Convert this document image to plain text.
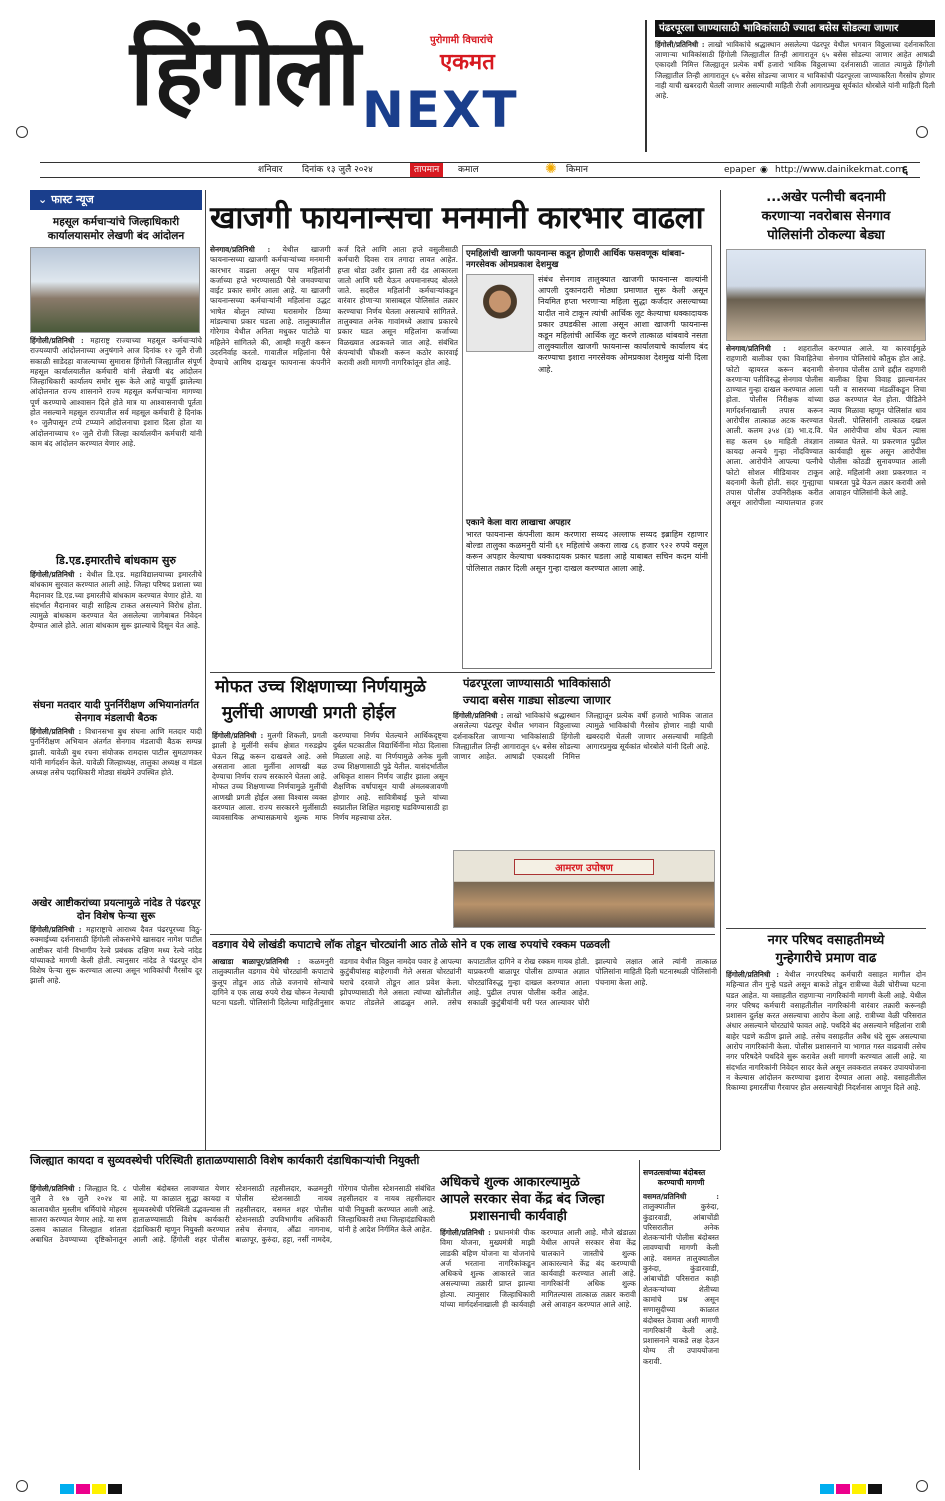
हिंगोली	पुरोगामी विचारांचे
एकमत
NEXT
पंढरपूरला जाण्यासाठी भाविकांसाठी ज्यादा बसेस सोडल्या जाणार
हिंगोली/प्रतिनिधी : लाखो भाविकांचे श्रद्धास्थान असलेल्या पंढरपूर येथील भगवान विठ्ठलाच्या दर्शनाकरिता जाणाऱ्या भाविकांसाठी हिंगोली जिल्ह्यातील तिन्ही आगारातून ६५ बसेस सोडल्या जाणार आहेत आषाढी एकादशी निमित्त जिल्ह्यातून प्रत्येक वर्षी हजारो भाविक विठ्ठलाच्या दर्शनासाठी जातात त्यामुळे हिंगोली जिल्ह्यातील तिन्ही आगारातून ६५ बसेस सोडल्या जाणार व भाविकांची पंढरपूरला जाण्याकरिता गैरसोय होणार नाही याची खबरदारी घेतली जाणार असल्याची माहिती रोजी आगारप्रमुख सूर्यकांत थोरबोले यांनी माहिती दिली आहे.
शनिवार दिनांक १३ जुलै २०२४	तापमान	कमाल	✺ किमान	epaper ◉ http://www.dainikekmat.com
६
⌄ फास्ट न्यूज
महसूल कर्मचाऱ्यांचे जिल्हाधिकारी कार्यालयासमोर लेखणी बंद आंदोलन
हिंगोली/प्रतिनिधी : महाराष्ट्र राज्याच्या महसूल कर्मचाऱ्यांचे राज्यव्यापी आंदोलनाच्या अनुषंगाने आज दिनांक १२ जुलै रोजी सकाळी साडेदहा वाजल्याच्या सुमारास हिंगोली जिल्ह्यातील संपूर्ण महसूल कार्यालयातील कर्मचारी यांनी लेखणी बंद आंदोलन जिल्हाधिकारी कार्यालय समोर सुरू केले आहे यापूर्वी झालेल्या आंदोलनात राज्य शासनाने राज्य महसूल कर्मचाऱ्यांना मागण्या पूर्ण करण्याचे आश्वासन दिले होते मात्र या आश्वासनाची पूर्तता होत नसल्याने महसूल राज्यातील सर्व महसूल कर्मचारी हे दिनांक १० जुलैपासून टप्पे टप्प्याने आंदोलनाचा इशारा दिला होता या आंदोलनाच्याच १० जुलै रोजी जिल्हा कार्यालयीन कर्मचारी यांनी काम बंद आंदोलन करण्यात येणार आहे.
डि.एड.इमारतीचे बांधकाम सुरु
हिंगोली/प्रतिनिधी : येथील डि.एड. महाविद्यालयाच्या इमारतीचे बांधकाम सुरवात करण्यात आली आहे. जिल्हा परिषद प्रशाला च्या मैदानावर डि.एड.च्या इमारतीचे बांधकाम करण्यात येणार होते. या संदर्भात मैदानावर याही साहित्य टाकत असल्याने विरोध होता. त्यामुळे बांधकाम करण्यात येत असलेल्या जागेबाबत निवेदन देण्यात आले होते. आता बांधकाम सुरू झाल्याचे दिसून येत आहे.
संघना मतदार यादी पुनर्निरीक्षण अभियानांतर्गत सेनगाव मंडलाची बैठक
हिंगोली/प्रतिनिधी : विधानसभा बुथ संघना आणि मतदार यादी पुनर्निरीक्षण अभियान अंतर्गत सेनगाव मंडलाची बैठक सम्पन्न झाली. यावेळी बुथ रचना संयोजक रामदास पाटील सुमठाणकर यांनी मार्गदर्शन केले. यावेळी जिल्हाध्यक्ष, तालुका अध्यक्ष व मंडल अध्यक्ष तसेच पदाधिकारी मोठ्या संख्येने उपस्थित होते.
अखेर आष्टीकरांच्या प्रयत्नामुळे नांदेड ते पंढरपूर दोन विशेष फेऱ्या सुरू
हिंगोली/प्रतिनिधी : महाराष्ट्राचे आराध्य दैवत पंढरपूरच्या विठु-रुक्माईच्या दर्शनासाठी हिंगोली लोकसभेचे खासदार नागेश पाटील आष्टीकर यांनी विभागीय रेल्वे प्रबंधक दक्षिण मध्य रेल्वे नांदेड यांच्याकडे मागणी केली होती. त्यानुसार नांदेड ते पंढरपूर दोन विशेष फेऱ्या सुरू करण्यात आल्या असून भाविकांची गैरसोय दूर झाली आहे.
खाजगी फायनान्सचा मनमानी कारभार वाढला
सेनगाव/प्रतिनिधी : येथील खाजगी फायनान्सच्या खाजगी कर्मचाऱ्यांच्या मनमानी कारभार वाढला असून पाच महिलांनी कर्जाच्या हप्ते भरण्यासाठी पैसे जमवण्याचा वाईट प्रकार समोर आला आहे. या खाजगी फायनान्सच्या कर्मचाऱ्यांनी महिलांना उद्धट भाषेत बोलून त्यांच्या घरासमोर ठिय्या मांडल्याचा प्रकार घडला आहे. तालुक्यातील गोरेगाव येथील अनिता मधुकर पाटोळे या महिलेने सांगितले की, आम्ही मजुरी करून उदरनिर्वाह करतो. गावातील महिलांना पैसे देण्याचे आमिष दाखवून फायनान्स कंपनीने कर्ज दिले आणि आता हप्ते वसुलीसाठी कर्मचारी दिवस रात्र तगादा लावत आहेत. हप्ता थोडा उशीर झाला तरी दंड आकारला जातो आणि घरी येऊन अपमानास्पद बोलले जाते. सदरील महिलांनी कर्मचाऱ्यांकडून वारंवार होणाऱ्या त्रासाबद्दल पोलिसांत तक्रार करण्याचा निर्णय घेतला असल्याचे सांगितले. तालुक्यात अनेक गावांमध्ये अशाच प्रकारचे प्रकार घडत असून महिलांना कर्जाच्या विळख्यात अडकवले जात आहे. संबंधित कंपन्यांची चौकशी करून कठोर कारवाई करावी अशी मागणी नागरिकांतून होत आहे.
एमहिलांची खाजगी फायनान्स कडून होणारी आर्थिक फसवणूक थांबवा-नगरसेवक ओमप्रकाश देशमुख
संबंध सेनगाव तालुक्यात खाजगी फायनान्स वाल्यांनी आपली दुकानदारी मोठ्या प्रमाणात सुरू केली असून नियमित हप्ता भरणाऱ्या महिला सुद्धा कर्जदार असल्याच्या यादीत नावे टाकून त्यांची आर्थिक लूट केल्याचा धक्कादायक प्रकार उघडकीस आला असून आशा खाजगी फायनान्स कडून महिलांची आर्थिक लूट करणे तात्काळ थांबवावे नसता तालुक्यातील खाजगी फायनान्स कार्यालयाचे कार्यालय बंद करण्याचा इशारा नगरसेवक ओमप्रकाश देशमुख यांनी दिला आहे.
एकाने केला वारा लाखाचा अपहार
भारत फायनान्स कंपनीला काम करणारा सय्यद अल्लाफ सय्यद इब्राहिम रहाणार बोल्डा तालुका कळमनुरी यांनी ६१ महिलांचे अकरा लाख ८६ हजार ९२२ रुपये वसूल करून अपहार केल्याचा धक्कादायक प्रकार घडला आहे याबाबत सचिन कदम यांनी पोलिसात तक्रार दिली असून गुन्हा दाखल करण्यात आला आहे.
मोफत उच्च शिक्षणाच्या निर्णयामुळे
मुलींची आणखी प्रगती होईल
हिंगोली/प्रतिनिधी : मुलगी शिकली, प्रगती झाली हे मुलींनी सर्वच क्षेत्रात गरुडझेप घेऊन सिद्ध करून दाखवले आहे. असे असताना आता मुलींना आणखी बळ देण्याचा निर्णय राज्य सरकारने घेतला आहे. मोफत उच्च शिक्षणाच्या निर्णयामुळे मुलींची आणखी प्रगती होईल असा विश्वास व्यक्त करण्यात आला. राज्य सरकारने मुलींसाठी व्यावसायिक अभ्यासक्रमाचे शुल्क माफ करण्याचा निर्णय घेतल्याने आर्थिकदृष्ट्या दुर्बल घटकातील विद्यार्थिनींना मोठा दिलासा मिळाला आहे. या निर्णयामुळे अनेक मुली उच्च शिक्षणासाठी पुढे येतील. यासंदर्भातील अधिकृत शासन निर्णय जाहीर झाला असून शैक्षणिक वर्षापासून याची अंमलबजावणी होणार आहे. सावित्रीबाई फुले यांच्या स्वप्नातील शिक्षित महाराष्ट्र घडविण्यासाठी हा निर्णय महत्त्वाचा ठरेल.
पंढरपूरला जाण्यासाठी भाविकांसाठी
ज्यादा बसेस गाड्या सोडल्या जाणार
हिंगोली/प्रतिनिधी : लाखो भाविकांचे श्रद्धास्थान असलेल्या पंढरपूर येथील भगवान विठ्ठलाच्या दर्शनाकरिता जाणाऱ्या भाविकांसाठी हिंगोली जिल्ह्यातील तिन्ही आगारातून ६५ बसेस सोडल्या जाणार आहेत. आषाढी एकादशी निमित्त जिल्ह्यातून प्रत्येक वर्षी हजारो भाविक जातात त्यामुळे भाविकांची गैरसोय होणार नाही याची खबरदारी घेतली जाणार असल्याची माहिती आगारप्रमुख सूर्यकांत थोरबोले यांनी दिली आहे.
आमरण उपोषण
वडगाव येथे लोखंडी कपाटाचे लॉक तोडून चोरट्यांनी आठ तोळे सोने व एक लाख रुपयांचे रक्कम पळवली
आखाडा बाळापूर/प्रतिनिधी : कळमनुरी तालुक्यातील वडगाव येथे चोरट्यांनी कपाटाचे कुलूप तोडून आठ तोळे वजनाचे सोन्याचे दागिने व एक लाख रुपये रोख चोरून नेल्याची घटना घडली. पोलिसांनी दिलेल्या माहितीनुसार वडगाव येथील विठ्ठल नामदेव पवार हे आपल्या कुटुंबीयांसह बाहेरगावी गेले असता चोरट्यांनी घराचे दरवाजे तोडून आत प्रवेश केला. झोपण्यासाठी गेले असता त्यांच्या खोलीतील कपाट तोडलेले आढळून आले. तसेच कपाटातील दागिने व रोख रक्कम गायब होती. याप्रकरणी बाळापूर पोलीस ठाण्यात अज्ञात चोरट्यांविरुद्ध गुन्हा दाखल करण्यात आला आहे. पुढील तपास पोलीस करीत आहेत. सकाळी कुटुंबीयांनी घरी परत आल्यावर चोरी झाल्याचे लक्षात आले त्यांनी तात्काळ पोलिसांना माहिती दिली घटनास्थळी पोलिसांनी पंचनामा केला आहे.
...अखेर पत्नीची बदनामी
करणाऱ्या नवरोबास सेनगाव
पोलिसांनी ठोकल्या बेड्या
सेनगाव/प्रतिनिधी : शहरातील राहणारी बालीका एका विवाहितेचा फोटो व्हायरल करून बदनामी करणाऱ्या पतीविरुद्ध सेनगाव पोलीस ठाण्यात गुन्हा दाखल करण्यात आला होता. पोलीस निरीक्षक यांच्या मार्गदर्शनाखाली तपास करून आरोपीस तात्काळ अटक करण्यात आली. कलम ३५४ (ड) भा.द.वि. सह कलम ६७ माहिती तंत्रज्ञान कायदा अन्वये गुन्हा नोंदविण्यात आला. आरोपीने आपल्या पत्नीचे फोटो सोशल मीडियावर टाकून बदनामी केली होती. सदर गुन्ह्याचा तपास पोलीस उपनिरीक्षक करीत असून आरोपीला न्यायालयात हजर करण्यात आले. या कारवाईमुळे सेनगाव पोलिसांचे कौतुक होत आहे. सेनगाव पोलीस ठाणे हद्दीत राहणारी बालीका हिचा विवाह झाल्यानंतर पती व सासरच्या मंडळींकडून तिचा छळ करण्यात येत होता. पीडितेने न्याय मिळावा म्हणून पोलिसांत धाव घेतली. पोलिसांनी तात्काळ दखल घेत आरोपीचा शोध घेऊन त्यास ताब्यात घेतले. या प्रकरणात पुढील कार्यवाही सुरू असून आरोपीस पोलीस कोठडी सुनावण्यात आली आहे. महिलांनी अशा प्रकरणात न घाबरता पुढे येऊन तक्रार करावी असे आवाहन पोलिसांनी केले आहे.
नगर परिषद वसाहतीमध्ये
गुन्हेगारीचे प्रमाण वाढ
हिंगोली/प्रतिनिधी : येथील नगरपरिषद कर्मचारी वसाहत मागील दोन महिन्यात तीन गुन्हे घडले असून बाकडे तोडून रात्रीच्या वेळी चोरीच्या घटना घडत आहेत. या वसाहतीत राहणाऱ्या नागरिकांनी मागणी केली आहे. येथील नगर परिषद कर्मचारी वसाहतीतील नागरिकांनी वारंवार तक्रारी करूनही प्रशासन दुर्लक्ष करत असल्याचा आरोप केला आहे. रात्रीच्या वेळी परिसरात अंधार असल्याने चोरट्यांचे फावत आहे. पथदिवे बंद असल्याने महिलांना रात्री बाहेर पडणे कठीण झाले आहे. तसेच वसाहतीत अवैध धंदे सुरू असल्याचा आरोप नागरिकांनी केला. पोलीस प्रशासनाने या भागात गस्त वाढवावी तसेच नगर परिषदेने पथदिवे सुरू करावेत अशी मागणी करण्यात आली आहे. या संदर्भात नागरिकांनी निवेदन सादर केले असून लवकरात लवकर उपाययोजना न केल्यास आंदोलन करण्याचा इशारा देण्यात आला आहे. वसाहतीतील रिकाम्या इमारतींचा गैरवापर होत असल्याचेही निदर्शनास आणून दिले आहे.
जिल्ह्यात कायदा व सुव्यवस्थेची परिस्थिती हाताळण्यासाठी विशेष कार्यकारी दंडाधिकाऱ्यांची नियुक्ती
हिंगोली/प्रतिनिधी : जिल्ह्यात दि. ८ जुलै ते १७ जुलै २०२४ या कालावधीत मुस्लीम धर्मियांचे मोहरम साजरा करण्यात येणार आहे. या सण उत्सव काळात जिल्ह्यात शांतता अबाधित ठेवण्याच्या दृष्टिकोनातून पोलीस बंदोबस्त लावण्यात येणार आहे. या काळात सुद्धा कायदा व सुव्यवस्थेची परिस्थिती उद्भवल्यास ती हाताळण्यासाठी विशेष कार्यकारी दंडाधिकारी म्हणून नियुक्ती करण्यात आली आहे. हिंगोली शहर पोलीस स्टेशनसाठी तहसीलदार, कळमनुरी पोलीस स्टेशनसाठी नायब तहसीलदार, वसमत शहर पोलीस स्टेशनसाठी उपविभागीय अधिकारी तसेच सेनगाव, औंढा नागनाथ, बाळापूर, कुरुंदा, हट्टा, नर्सी नामदेव, गोरेगाव पोलीस स्टेशनसाठी संबंधित तहसीलदार व नायब तहसीलदार यांची नियुक्ती करण्यात आली आहे. जिल्हाधिकारी तथा जिल्हादंडाधिकारी यांनी हे आदेश निर्गमित केले आहेत.
अधिकचे शुल्क आकारल्यामुळे
आपले सरकार सेवा केंद्र बंद जिल्हा
प्रशासनाची कार्यवाही
हिंगोली/प्रतिनिधी : प्रधानमंत्री पीक विमा योजना, मुख्यमंत्री माझी लाडकी बहिण योजना या योजनांचे अर्ज भरताना नागरिकांकडून अधिकचे शुल्क आकारले जात असल्याच्या तक्रारी प्राप्त झाल्या होत्या. त्यानुसार जिल्हाधिकारी यांच्या मार्गदर्शनाखाली ही कार्यवाही करण्यात आली आहे. मौजे खंडाळा येथील आपले सरकार सेवा केंद्र चालकाने जास्तीचे शुल्क आकारल्याने केंद्र बंद करण्याची कार्यवाही करण्यात आली आहे. नागरिकांनी अधिक शुल्क मागितल्यास तात्काळ तक्रार करावी असे आवाहन करण्यात आले आहे.
सणउत्सवांच्या बंदोबस्त
करण्याची मागणी
वसमत/प्रतिनिधी : तालुक्यातील कुरुंदा, कुंडारवाडी, आंबाचोंडी परिसरातील अनेक शेतकऱ्यांनी पोलीस बंदोबस्त लावण्याची मागणी केली आहे. वसमत तालुक्यातील कुरुंदा, कुंडारवाडी, आंबाचोंडी परिसरात काही शेतकऱ्यांच्या शेतीच्या कामांचे प्रश्न असून सणासुदीच्या काळात बंदोबस्त ठेवावा अशी मागणी नागरिकांनी केली आहे. प्रशासनाने याकडे लक्ष देऊन योग्य ती उपाययोजना करावी.
